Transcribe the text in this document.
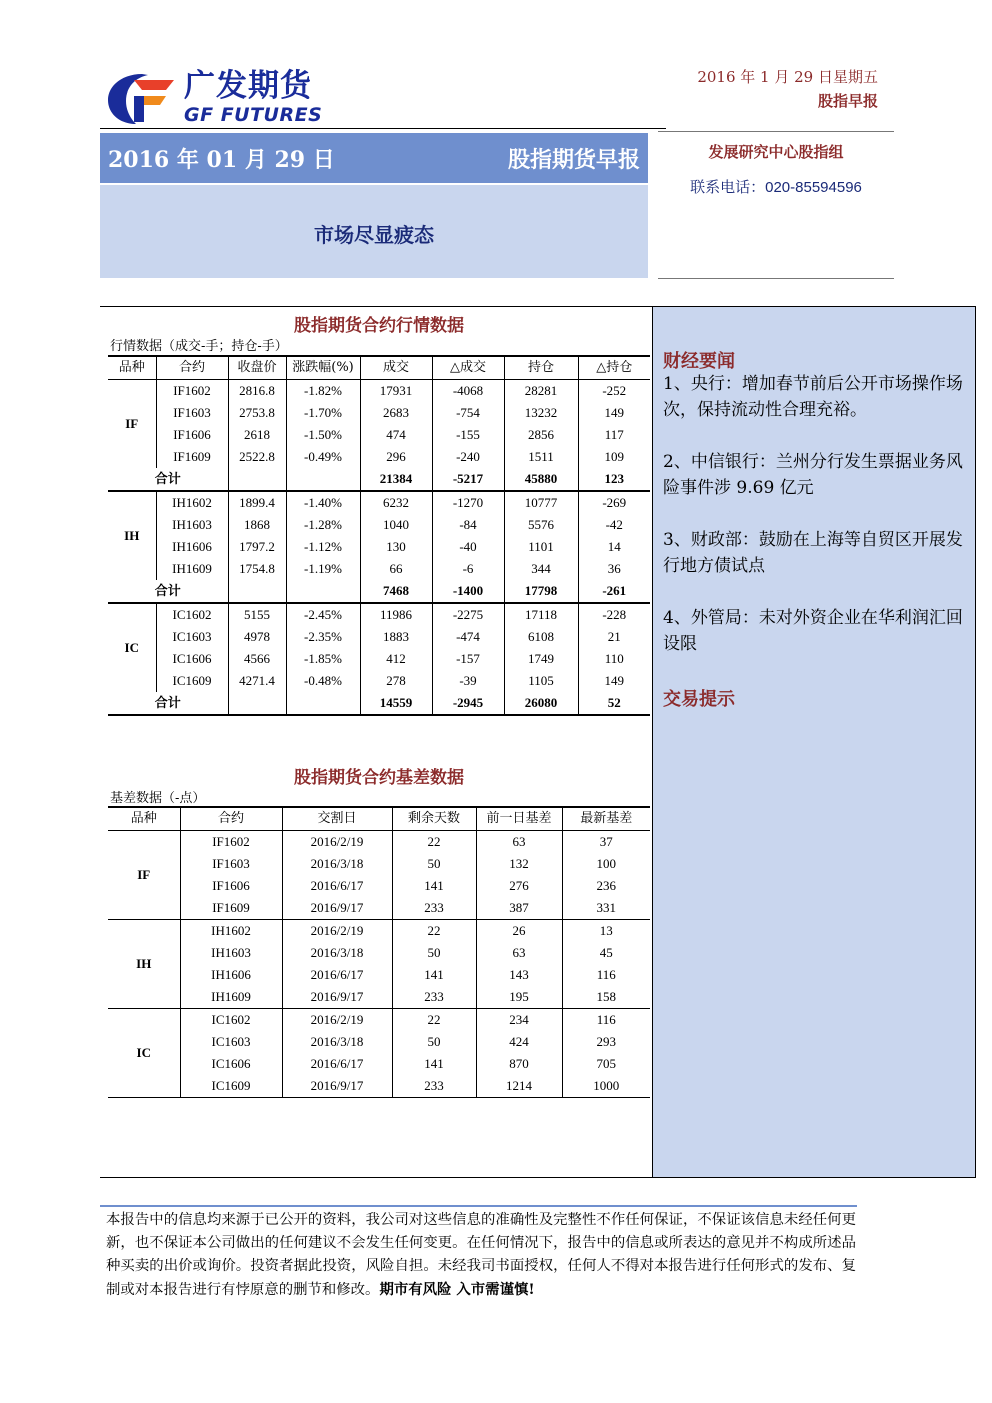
广发期货
GF FUTURES
2016 年 1 月 29 日星期五
股指早报
2016 年 01 月 29 日	股指期货早报
市场尽显疲态
发展研究中心股指组
联系电话：020-85594596
财经要闻
1、央行：增加春节前后公开市场操作场次，保持流动性合理充裕。
2、中信银行：兰州分行发生票据业务风险事件涉 9.69 亿元
3、财政部：鼓励在上海等自贸区开展发行地方债试点
4、外管局：未对外资企业在华利润汇回设限
交易提示
股指期货合约行情数据
行情数据（成交-手；持仓-手）
品种	合约	收盘价	涨跌幅(%)	成交	△成交	持仓	△持仓
IF	IF1602	2816.8	-1.82%	17931	-4068	28281	-252
	IF1603	2753.8	-1.70%	2683	-754	13232	149
	IF1606	2618	-1.50%	474	-155	2856	117
	IF1609	2522.8	-0.49%	296	-240	1511	109
合计				21384	-5217	45880	123
IH	IH1602	1899.4	-1.40%	6232	-1270	10777	-269
	IH1603	1868	-1.28%	1040	-84	5576	-42
	IH1606	1797.2	-1.12%	130	-40	1101	14
	IH1609	1754.8	-1.19%	66	-6	344	36
合计				7468	-1400	17798	-261
IC	IC1602	5155	-2.45%	11986	-2275	17118	-228
	IC1603	4978	-2.35%	1883	-474	6108	21
	IC1606	4566	-1.85%	412	-157	1749	110
	IC1609	4271.4	-0.48%	278	-39	1105	149
合计				14559	-2945	26080	52
股指期货合约基差数据
基差数据（-点）
品种	合约	交割日	剩余天数	前一日基差	最新基差
IF	IF1602	2016/2/19	22	63	37
	IF1603	2016/3/18	50	132	100
	IF1606	2016/6/17	141	276	236
	IF1609	2016/9/17	233	387	331
IH	IH1602	2016/2/19	22	26	13
	IH1603	2016/3/18	50	63	45
	IH1606	2016/6/17	141	143	116
	IH1609	2016/9/17	233	195	158
IC	IC1602	2016/2/19	22	234	116
	IC1603	2016/3/18	50	424	293
	IC1606	2016/6/17	141	870	705
	IC1609	2016/9/17	233	1214	1000
本报告中的信息均来源于已公开的资料，我公司对这些信息的准确性及完整性不作任何保证，不保证该信息未经任何更新，也不保证本公司做出的任何建议不会发生任何变更。在任何情况下，报告中的信息或所表达的意见并不构成所述品种买卖的出价或询价。投资者据此投资，风险自担。未经我司书面授权，任何人不得对本报告进行任何形式的发布、复制或对本报告进行有悖原意的删节和修改。期市有风险 入市需谨慎!
